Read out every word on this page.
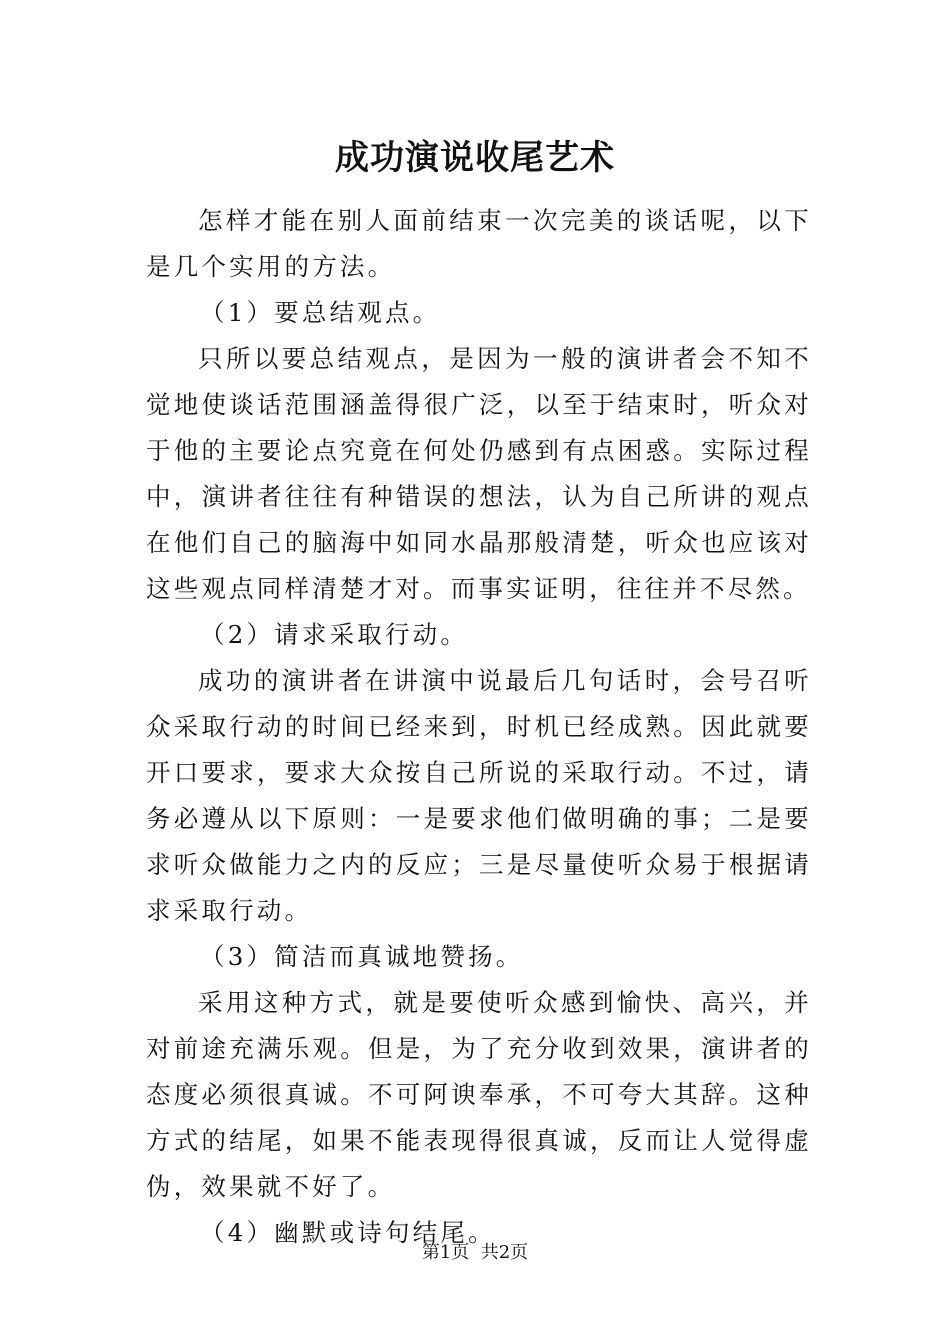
成功演说收尾艺术

怎样才能在别人面前结束一次完美的谈话呢，以下是几个实用的方法。

（1）要总结观点。

只所以要总结观点，是因为一般的演讲者会不知不觉地使谈话范围涵盖得很广泛，以至于结束时，听众对于他的主要论点究竟在何处仍感到有点困惑。实际过程中，演讲者往往有种错误的想法，认为自己所讲的观点在他们自己的脑海中如同水晶那般清楚，听众也应该对这些观点同样清楚才对。而事实证明，往往并不尽然。

（2）请求采取行动。

成功的演讲者在讲演中说最后几句话时，会号召听众采取行动的时间已经来到，时机已经成熟。因此就要开口要求，要求大众按自己所说的采取行动。不过，请务必遵从以下原则：一是要求他们做明确的事；二是要求听众做能力之内的反应；三是尽量使听众易于根据请求采取行动。

（3）简洁而真诚地赞扬。

采用这种方式，就是要使听众感到愉快、高兴，并对前途充满乐观。但是，为了充分收到效果，演讲者的态度必须很真诚。不可阿谀奉承，不可夸大其辞。这种方式的结尾，如果不能表现得很真诚，反而让人觉得虚伪，效果就不好了。

（4）幽默或诗句结尾。

第1页  共2页
